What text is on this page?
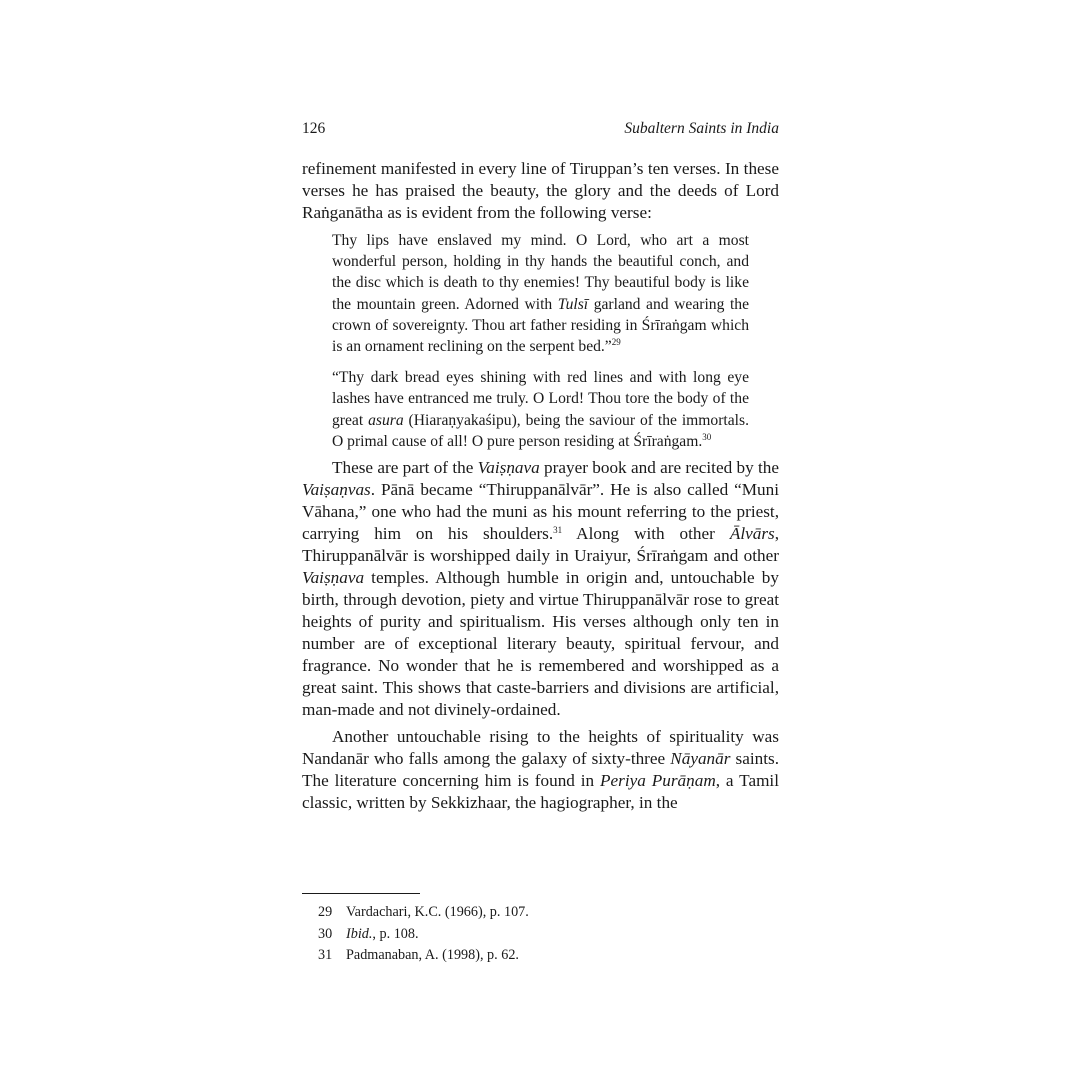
126	Subaltern Saints in India

refinement manifested in every line of Tiruppan’s ten verses. In these verses he has praised the beauty, the glory and the deeds of Lord Raṅganātha as is evident from the following verse:

Thy lips have enslaved my mind. O Lord, who art a most wonderful person, holding in thy hands the beautiful conch, and the disc which is death to thy enemies! Thy beautiful body is like the mountain green. Adorned with Tulsī garland and wearing the crown of sovereignty. Thou art father residing in Śrīraṅgam which is an ornament reclining on the serpent bed.”$^{29}$

“Thy dark bread eyes shining with red lines and with long eye lashes have entranced me truly. O Lord! Thou tore the body of the great asura (Hiaraṇyakaśipu), being the saviour of the immortals. O primal cause of all! O pure person residing at Śrīraṅgam.$^{30}$

These are part of the Vaiṣṇava prayer book and are recited by the Vaiṣaṇvas. Pānā became “Thiruppanālvār”. He is also called “Muni Vāhana,” one who had the muni as his mount referring to the priest, carrying him on his shoulders.$^{31}$ Along with other Ālvārs, Thiruppanālvār is worshipped daily in Uraiyur, Śrīraṅgam and other Vaiṣṇava temples. Although humble in origin and, untouchable by birth, through devotion, piety and virtue Thiruppanālvār rose to great heights of purity and spiritualism. His verses although only ten in number are of exceptional literary beauty, spiritual fervour, and fragrance. No wonder that he is remembered and worshipped as a great saint. This shows that caste-barriers and divisions are artificial, man-made and not divinely-ordained.

Another untouchable rising to the heights of spirituality was Nandanār who falls among the galaxy of sixty-three Nāyanār saints. The literature concerning him is found in Periya Purāṇam, a Tamil classic, written by Sekkizhaar, the hagiographer, in the

29 Vardachari, K.C. (1966), p. 107.
30 Ibid., p. 108.
31 Padmanaban, A. (1998), p. 62.
